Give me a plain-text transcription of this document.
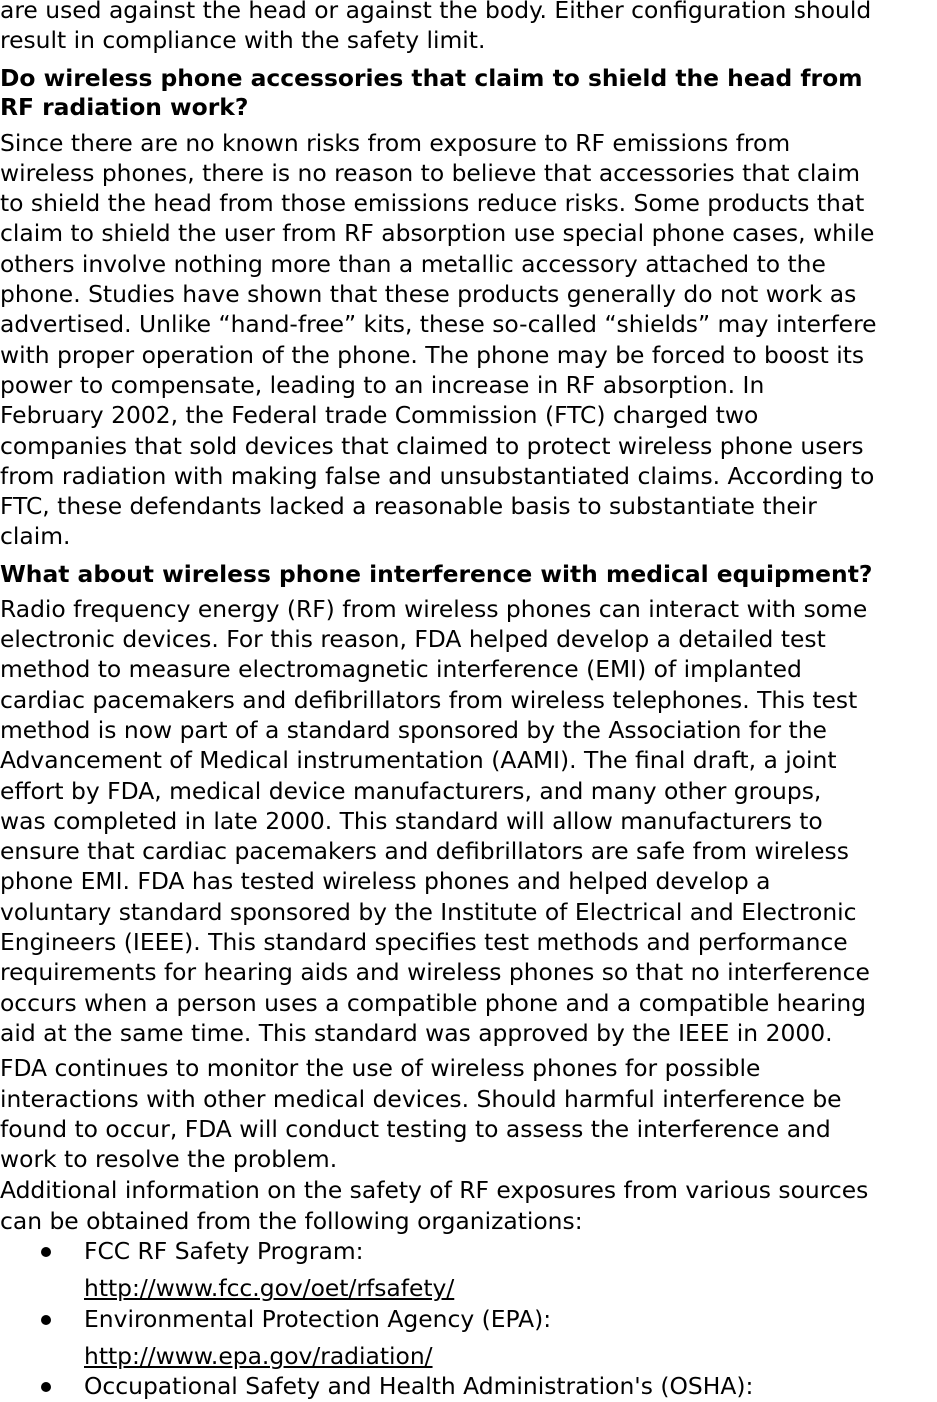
are used against the head or against the body. Either configuration should
result in compliance with the safety limit.

Do wireless phone accessories that claim to shield the head from
RF radiation work?

Since there are no known risks from exposure to RF emissions from
wireless phones, there is no reason to believe that accessories that claim
to shield the head from those emissions reduce risks. Some products that
claim to shield the user from RF absorption use special phone cases, while
others involve nothing more than a metallic accessory attached to the
phone. Studies have shown that these products generally do not work as
advertised. Unlike “hand-free” kits, these so-called “shields” may interfere
with proper operation of the phone. The phone may be forced to boost its
power to compensate, leading to an increase in RF absorption. In
February 2002, the Federal trade Commission (FTC) charged two
companies that sold devices that claimed to protect wireless phone users
from radiation with making false and unsubstantiated claims. According to
FTC, these defendants lacked a reasonable basis to substantiate their
claim.

What about wireless phone interference with medical equipment?

Radio frequency energy (RF) from wireless phones can interact with some
electronic devices. For this reason, FDA helped develop a detailed test
method to measure electromagnetic interference (EMI) of implanted
cardiac pacemakers and defibrillators from wireless telephones. This test
method is now part of a standard sponsored by the Association for the
Advancement of Medical instrumentation (AAMI). The final draft, a joint
effort by FDA, medical device manufacturers, and many other groups,
was completed in late 2000. This standard will allow manufacturers to
ensure that cardiac pacemakers and defibrillators are safe from wireless
phone EMI. FDA has tested wireless phones and helped develop a
voluntary standard sponsored by the Institute of Electrical and Electronic
Engineers (IEEE). This standard specifies test methods and performance
requirements for hearing aids and wireless phones so that no interference
occurs when a person uses a compatible phone and a compatible hearing
aid at the same time. This standard was approved by the IEEE in 2000.

FDA continues to monitor the use of wireless phones for possible
interactions with other medical devices. Should harmful interference be
found to occur, FDA will conduct testing to assess the interference and
work to resolve the problem.

Additional information on the safety of RF exposures from various sources
can be obtained from the following organizations:

FCC RF Safety Program:
http://www.fcc.gov/oet/rfsafety/
Environmental Protection Agency (EPA):
http://www.epa.gov/radiation/
Occupational Safety and Health Administration's (OSHA):
